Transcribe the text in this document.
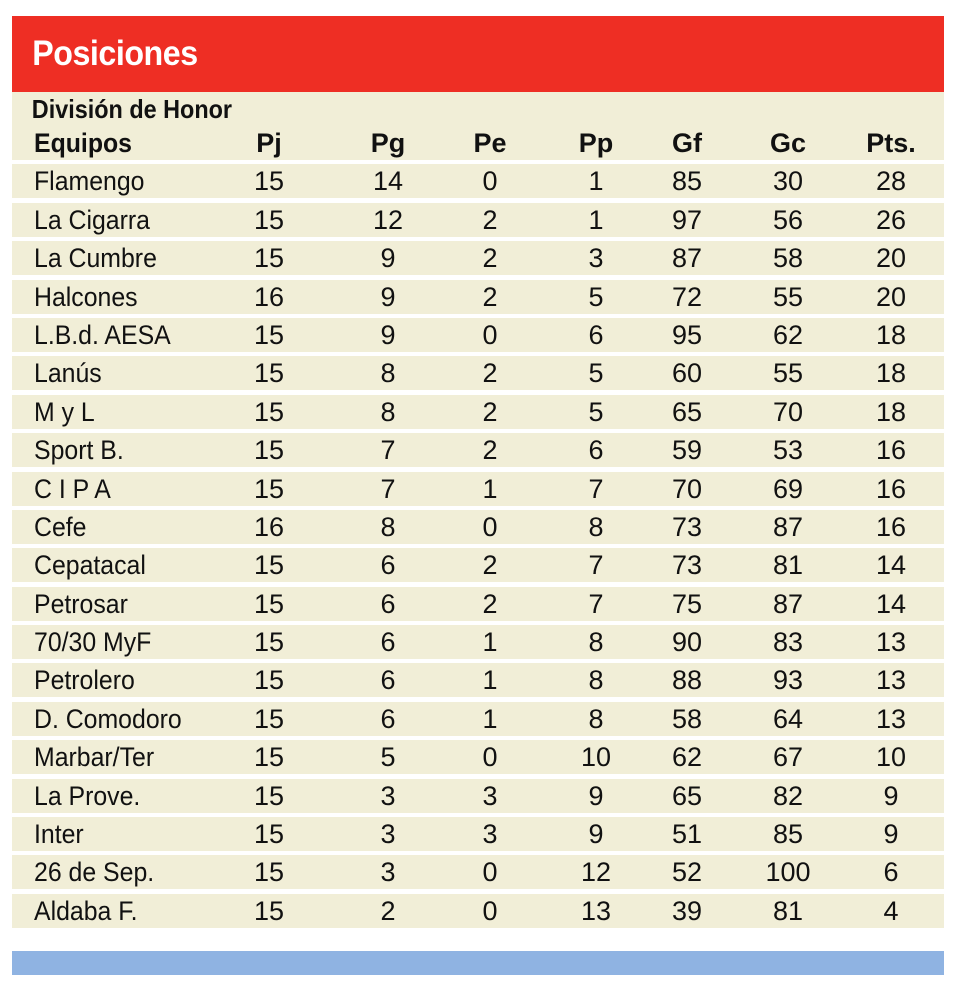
Posiciones
División de Honor
Equipos	Pj	Pg	Pe	Pp	Gf	Gc	Pts.
Flamengo	15	14	0	1	85	30	28
La Cigarra	15	12	2	1	97	56	26
La Cumbre	15	9	2	3	87	58	20
Halcones	16	9	2	5	72	55	20
L.B.d. AESA	15	9	0	6	95	62	18
Lanús	15	8	2	5	60	55	18
M y L	15	8	2	5	65	70	18
Sport B.	15	7	2	6	59	53	16
C I P A	15	7	1	7	70	69	16
Cefe	16	8	0	8	73	87	16
Cepatacal	15	6	2	7	73	81	14
Petrosar	15	6	2	7	75	87	14
70/30 MyF	15	6	1	8	90	83	13
Petrolero	15	6	1	8	88	93	13
D. Comodoro	15	6	1	8	58	64	13
Marbar/Ter	15	5	0	10	62	67	10
La Prove.	15	3	3	9	65	82	9
Inter	15	3	3	9	51	85	9
26 de Sep.	15	3	0	12	52	100	6
Aldaba F.	15	2	0	13	39	81	4
